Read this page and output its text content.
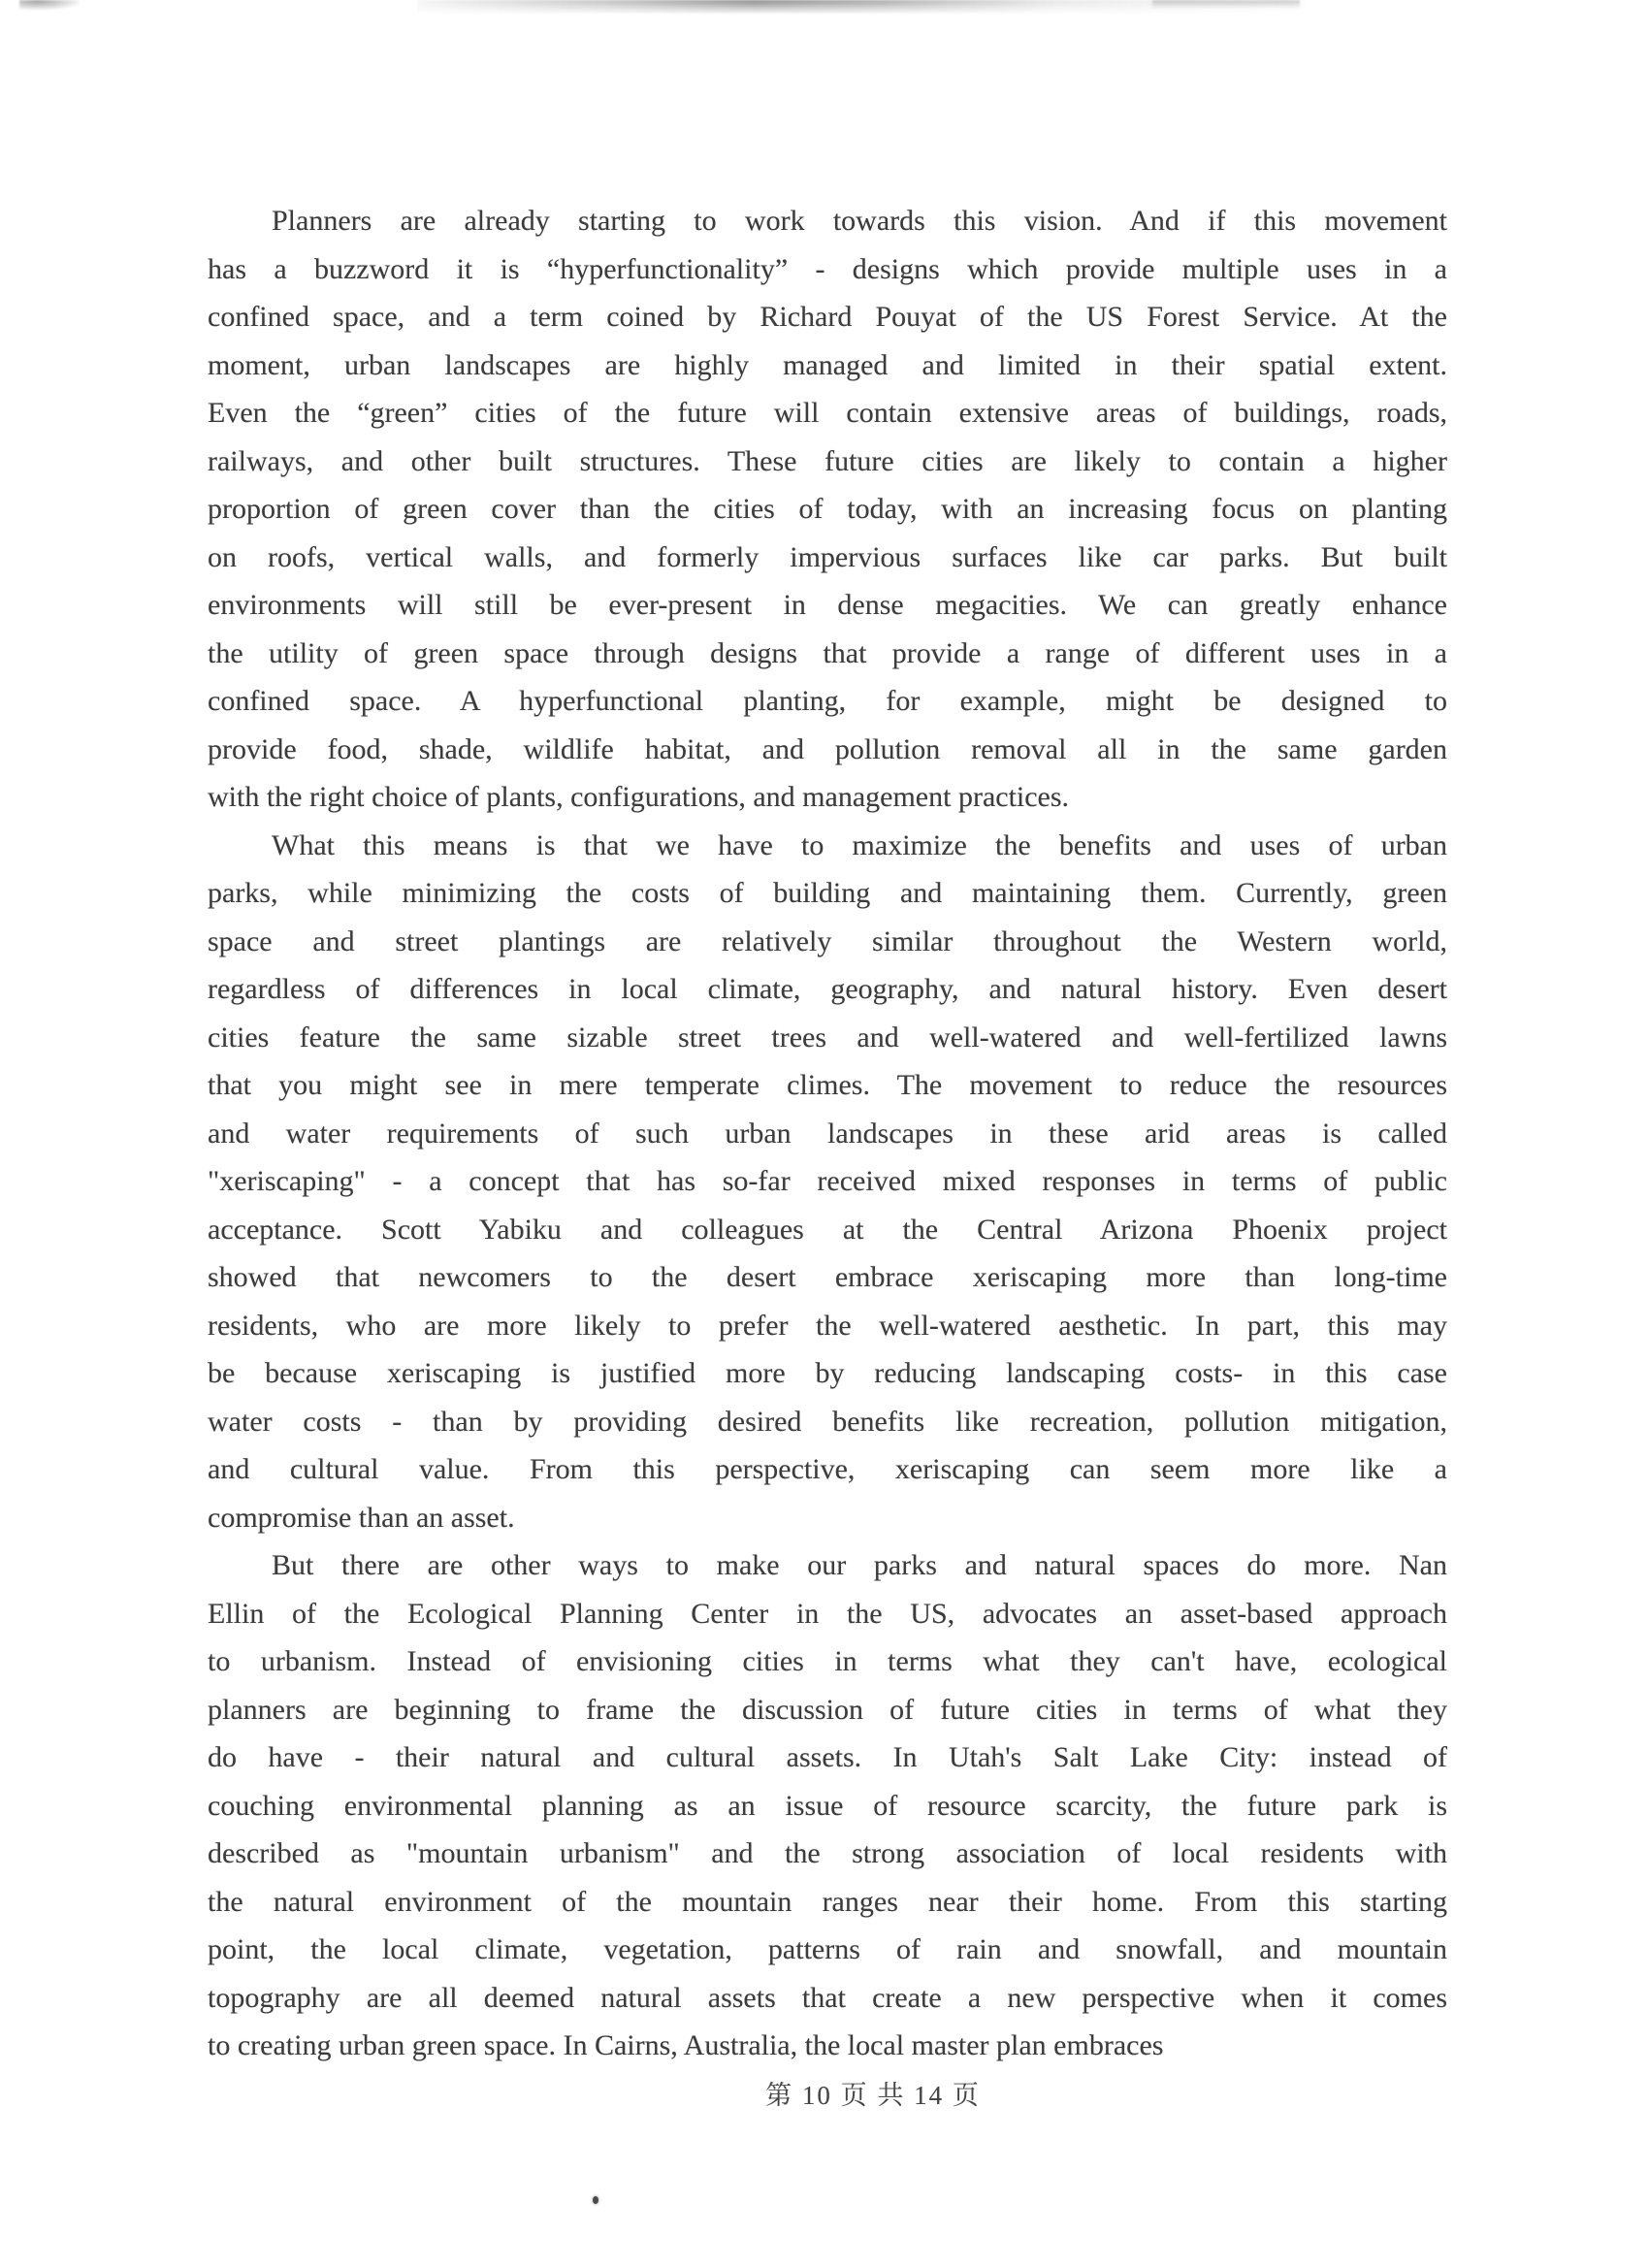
Planners are already starting to work towards this vision. And if this movement
has a buzzword it is “hyperfunctionality” - designs which provide multiple uses in a
confined space, and a term coined by Richard Pouyat of the US Forest Service. At the
moment, urban landscapes are highly managed and limited in their spatial extent.
Even the “green” cities of the future will contain extensive areas of buildings, roads,
railways, and other built structures. These future cities are likely to contain a higher
proportion of green cover than the cities of today, with an increasing focus on planting
on roofs, vertical walls, and formerly impervious surfaces like car parks. But built
environments will still be ever-present in dense megacities. We can greatly enhance
the utility of green space through designs that provide a range of different uses in a
confined space. A hyperfunctional planting, for example, might be designed to
provide food, shade, wildlife habitat, and pollution removal all in the same garden
with the right choice of plants, configurations, and management practices.
What this means is that we have to maximize the benefits and uses of urban
parks, while minimizing the costs of building and maintaining them. Currently, green
space and street plantings are relatively similar throughout the Western world,
regardless of differences in local climate, geography, and natural history. Even desert
cities feature the same sizable street trees and well-watered and well-fertilized lawns
that you might see in mere temperate climes. The movement to reduce the resources
and water requirements of such urban landscapes in these arid areas is called
"xeriscaping" - a concept that has so-far received mixed responses in terms of public
acceptance. Scott Yabiku and colleagues at the Central Arizona Phoenix project
showed that newcomers to the desert embrace xeriscaping more than long-time
residents, who are more likely to prefer the well-watered aesthetic. In part, this may
be because xeriscaping is justified more by reducing landscaping costs- in this case
water costs - than by providing desired benefits like recreation, pollution mitigation,
and cultural value. From this perspective, xeriscaping can seem more like a
compromise than an asset.
But there are other ways to make our parks and natural spaces do more. Nan
Ellin of the Ecological Planning Center in the US, advocates an asset-based approach
to urbanism. Instead of envisioning cities in terms what they can't have, ecological
planners are beginning to frame the discussion of future cities in terms of what they
do have - their natural and cultural assets. In Utah's Salt Lake City: instead of
couching environmental planning as an issue of resource scarcity, the future park is
described as "mountain urbanism" and the strong association of local residents with
the natural environment of the mountain ranges near their home. From this starting
point, the local climate, vegetation, patterns of rain and snowfall, and mountain
topography are all deemed natural assets that create a new perspective when it comes
to creating urban green space. In Cairns, Australia, the local master plan embraces
第 10 页 共 14 页
